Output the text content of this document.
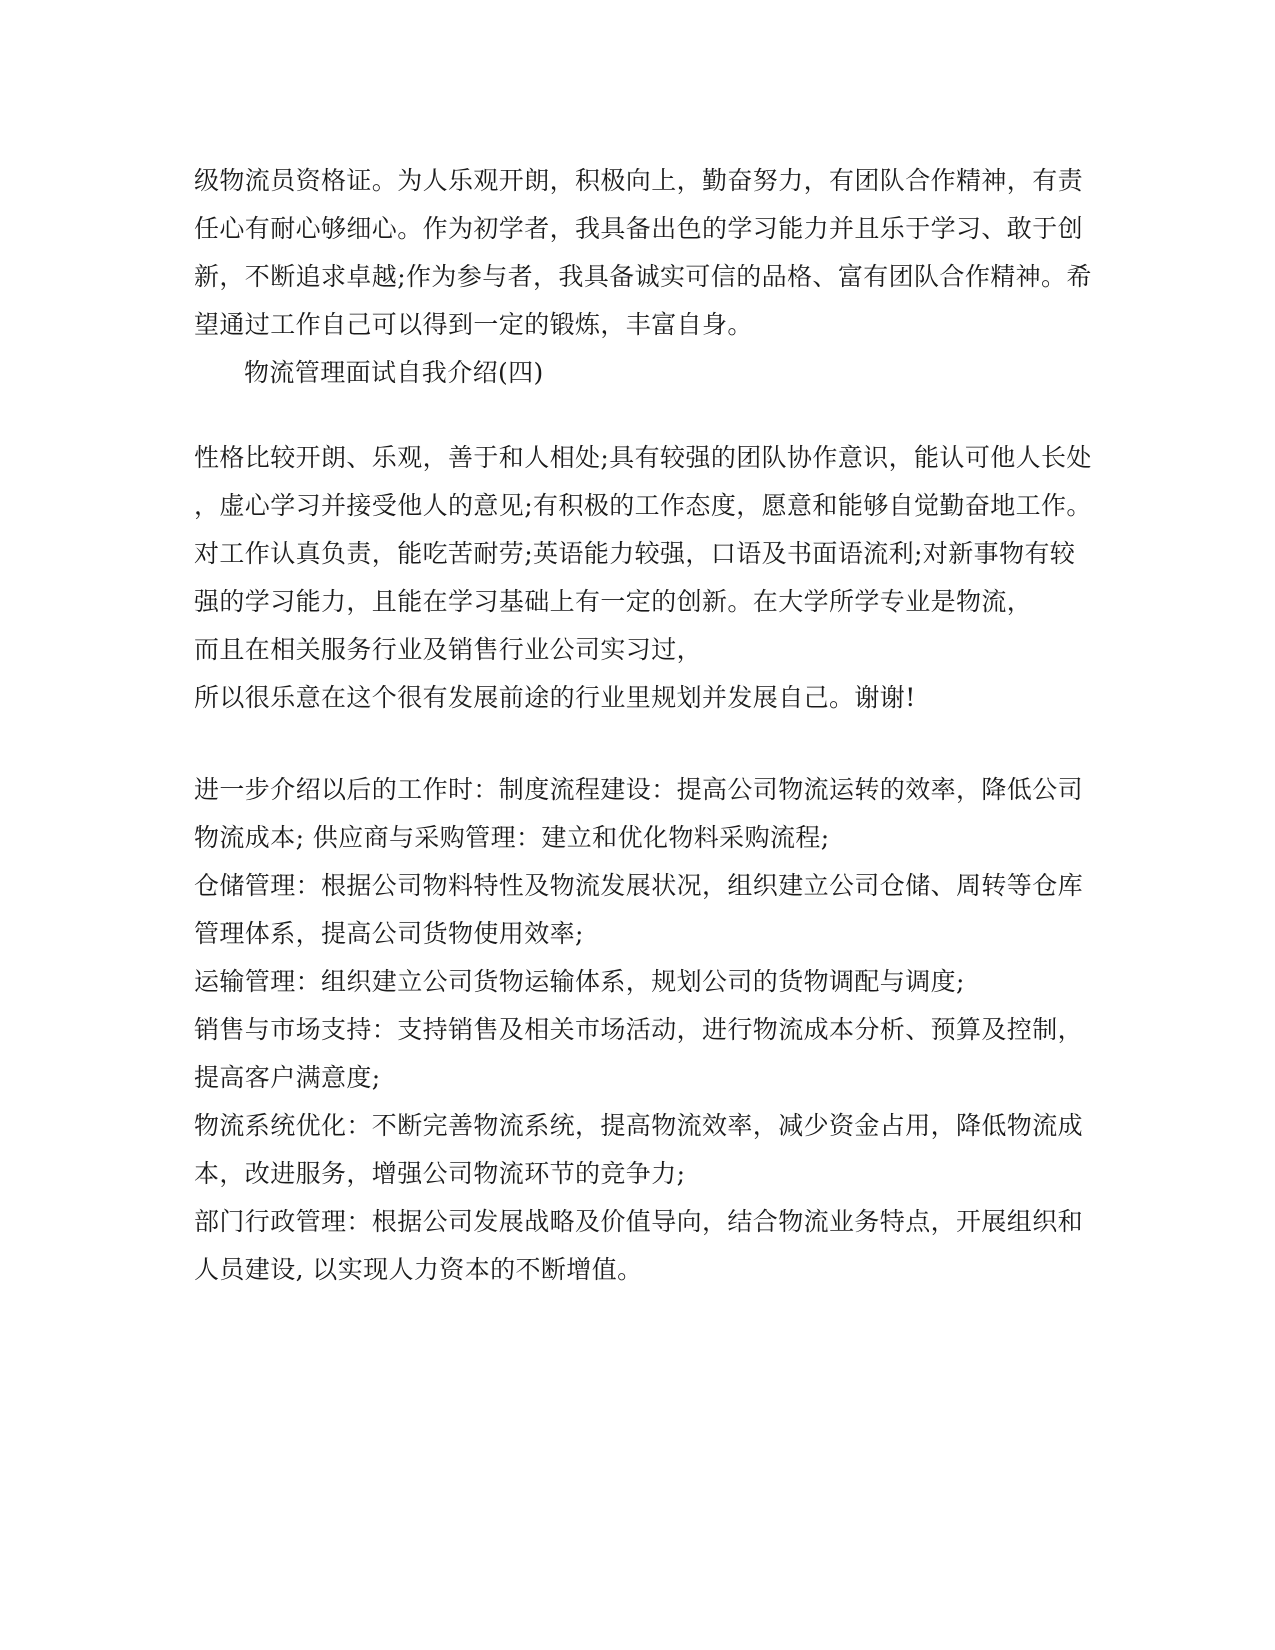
级物流员资格证。为人乐观开朗，积极向上，勤奋努力，有团队合作精神，有责
任心有耐心够细心。作为初学者，我具备出色的学习能力并且乐于学习、敢于创
新，不断追求卓越;作为参与者，我具备诚实可信的品格、富有团队合作精神。希
望通过工作自己可以得到一定的锻炼，丰富自身。
物流管理面试自我介绍(四)
性格比较开朗、乐观，善于和人相处;具有较强的团队协作意识，能认可他人长处
，虚心学习并接受他人的意见;有积极的工作态度，愿意和能够自觉勤奋地工作。
对工作认真负责，能吃苦耐劳;英语能力较强，口语及书面语流利;对新事物有较
强的学习能力，且能在学习基础上有一定的创新。在大学所学专业是物流，
而且在相关服务行业及销售行业公司实习过，
所以很乐意在这个很有发展前途的行业里规划并发展自己。谢谢!
进一步介绍以后的工作时：制度流程建设：提高公司物流运转的效率，降低公司
物流成本; 供应商与采购管理：建立和优化物料采购流程;
仓储管理：根据公司物料特性及物流发展状况，组织建立公司仓储、周转等仓库
管理体系，提高公司货物使用效率;
运输管理：组织建立公司货物运输体系，规划公司的货物调配与调度;
销售与市场支持：支持销售及相关市场活动，进行物流成本分析、预算及控制，
提高客户满意度;
物流系统优化：不断完善物流系统，提高物流效率，减少资金占用，降低物流成
本，改进服务，增强公司物流环节的竞争力;
部门行政管理：根据公司发展战略及价值导向，结合物流业务特点，开展组织和
人员建设, 以实现人力资本的不断增值。
